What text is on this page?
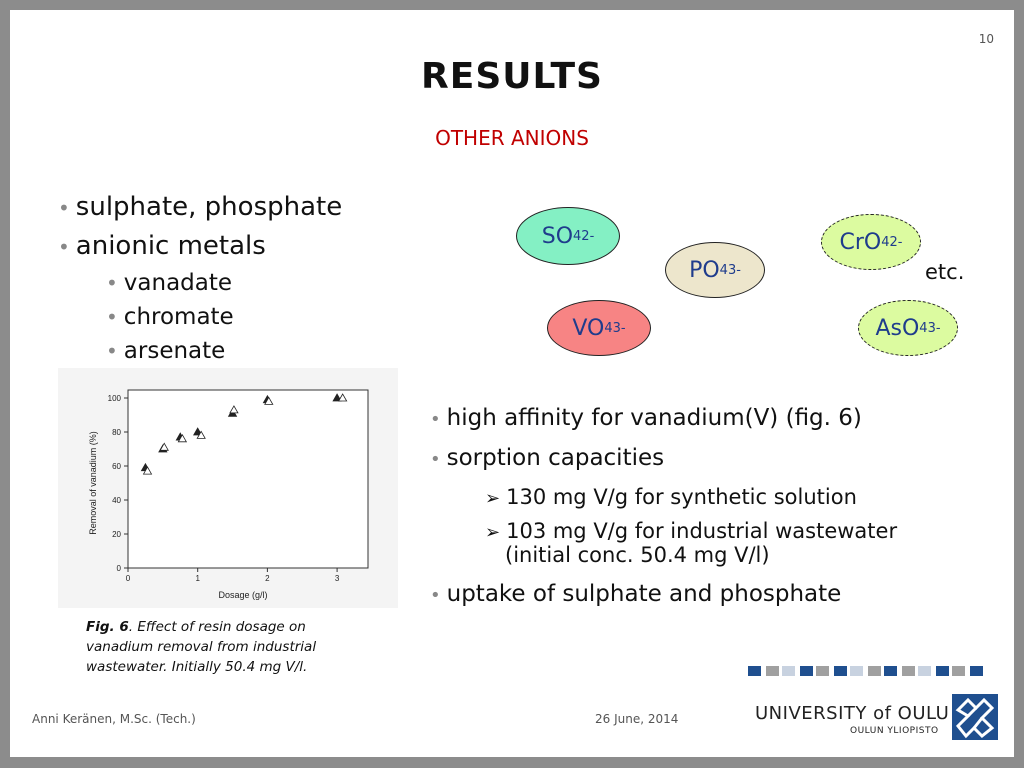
10
RESULTS
OTHER ANIONS
• sulphate, phosphate
• anionic metals
• vanadate
• chromate
• arsenate
SO 4 2-
PO 4 3-
VO 4 3-
CrO 4 2-
AsO 4 3-
etc.
• high affinity for vanadium(V) (fig. 6)
• sorption capacities
➢ 130 mg V/g for synthetic solution
➢ 103 mg V/g for industrial wastewater
(initial conc. 50.4 mg V/l)
• uptake of sulphate and phosphate
0
20
40
60
80
100
0	1	2	3
Dosage (g/l)
Removal of vanadium (%)
Fig. 6. Effect of resin dosage on vanadium removal from industrial wastewater. Initially 50.4 mg V/l.
Anni Keränen, M.Sc. (Tech.)	26 June, 2014	UNIVERSITY of OULU
OULUN YLIOPISTO
